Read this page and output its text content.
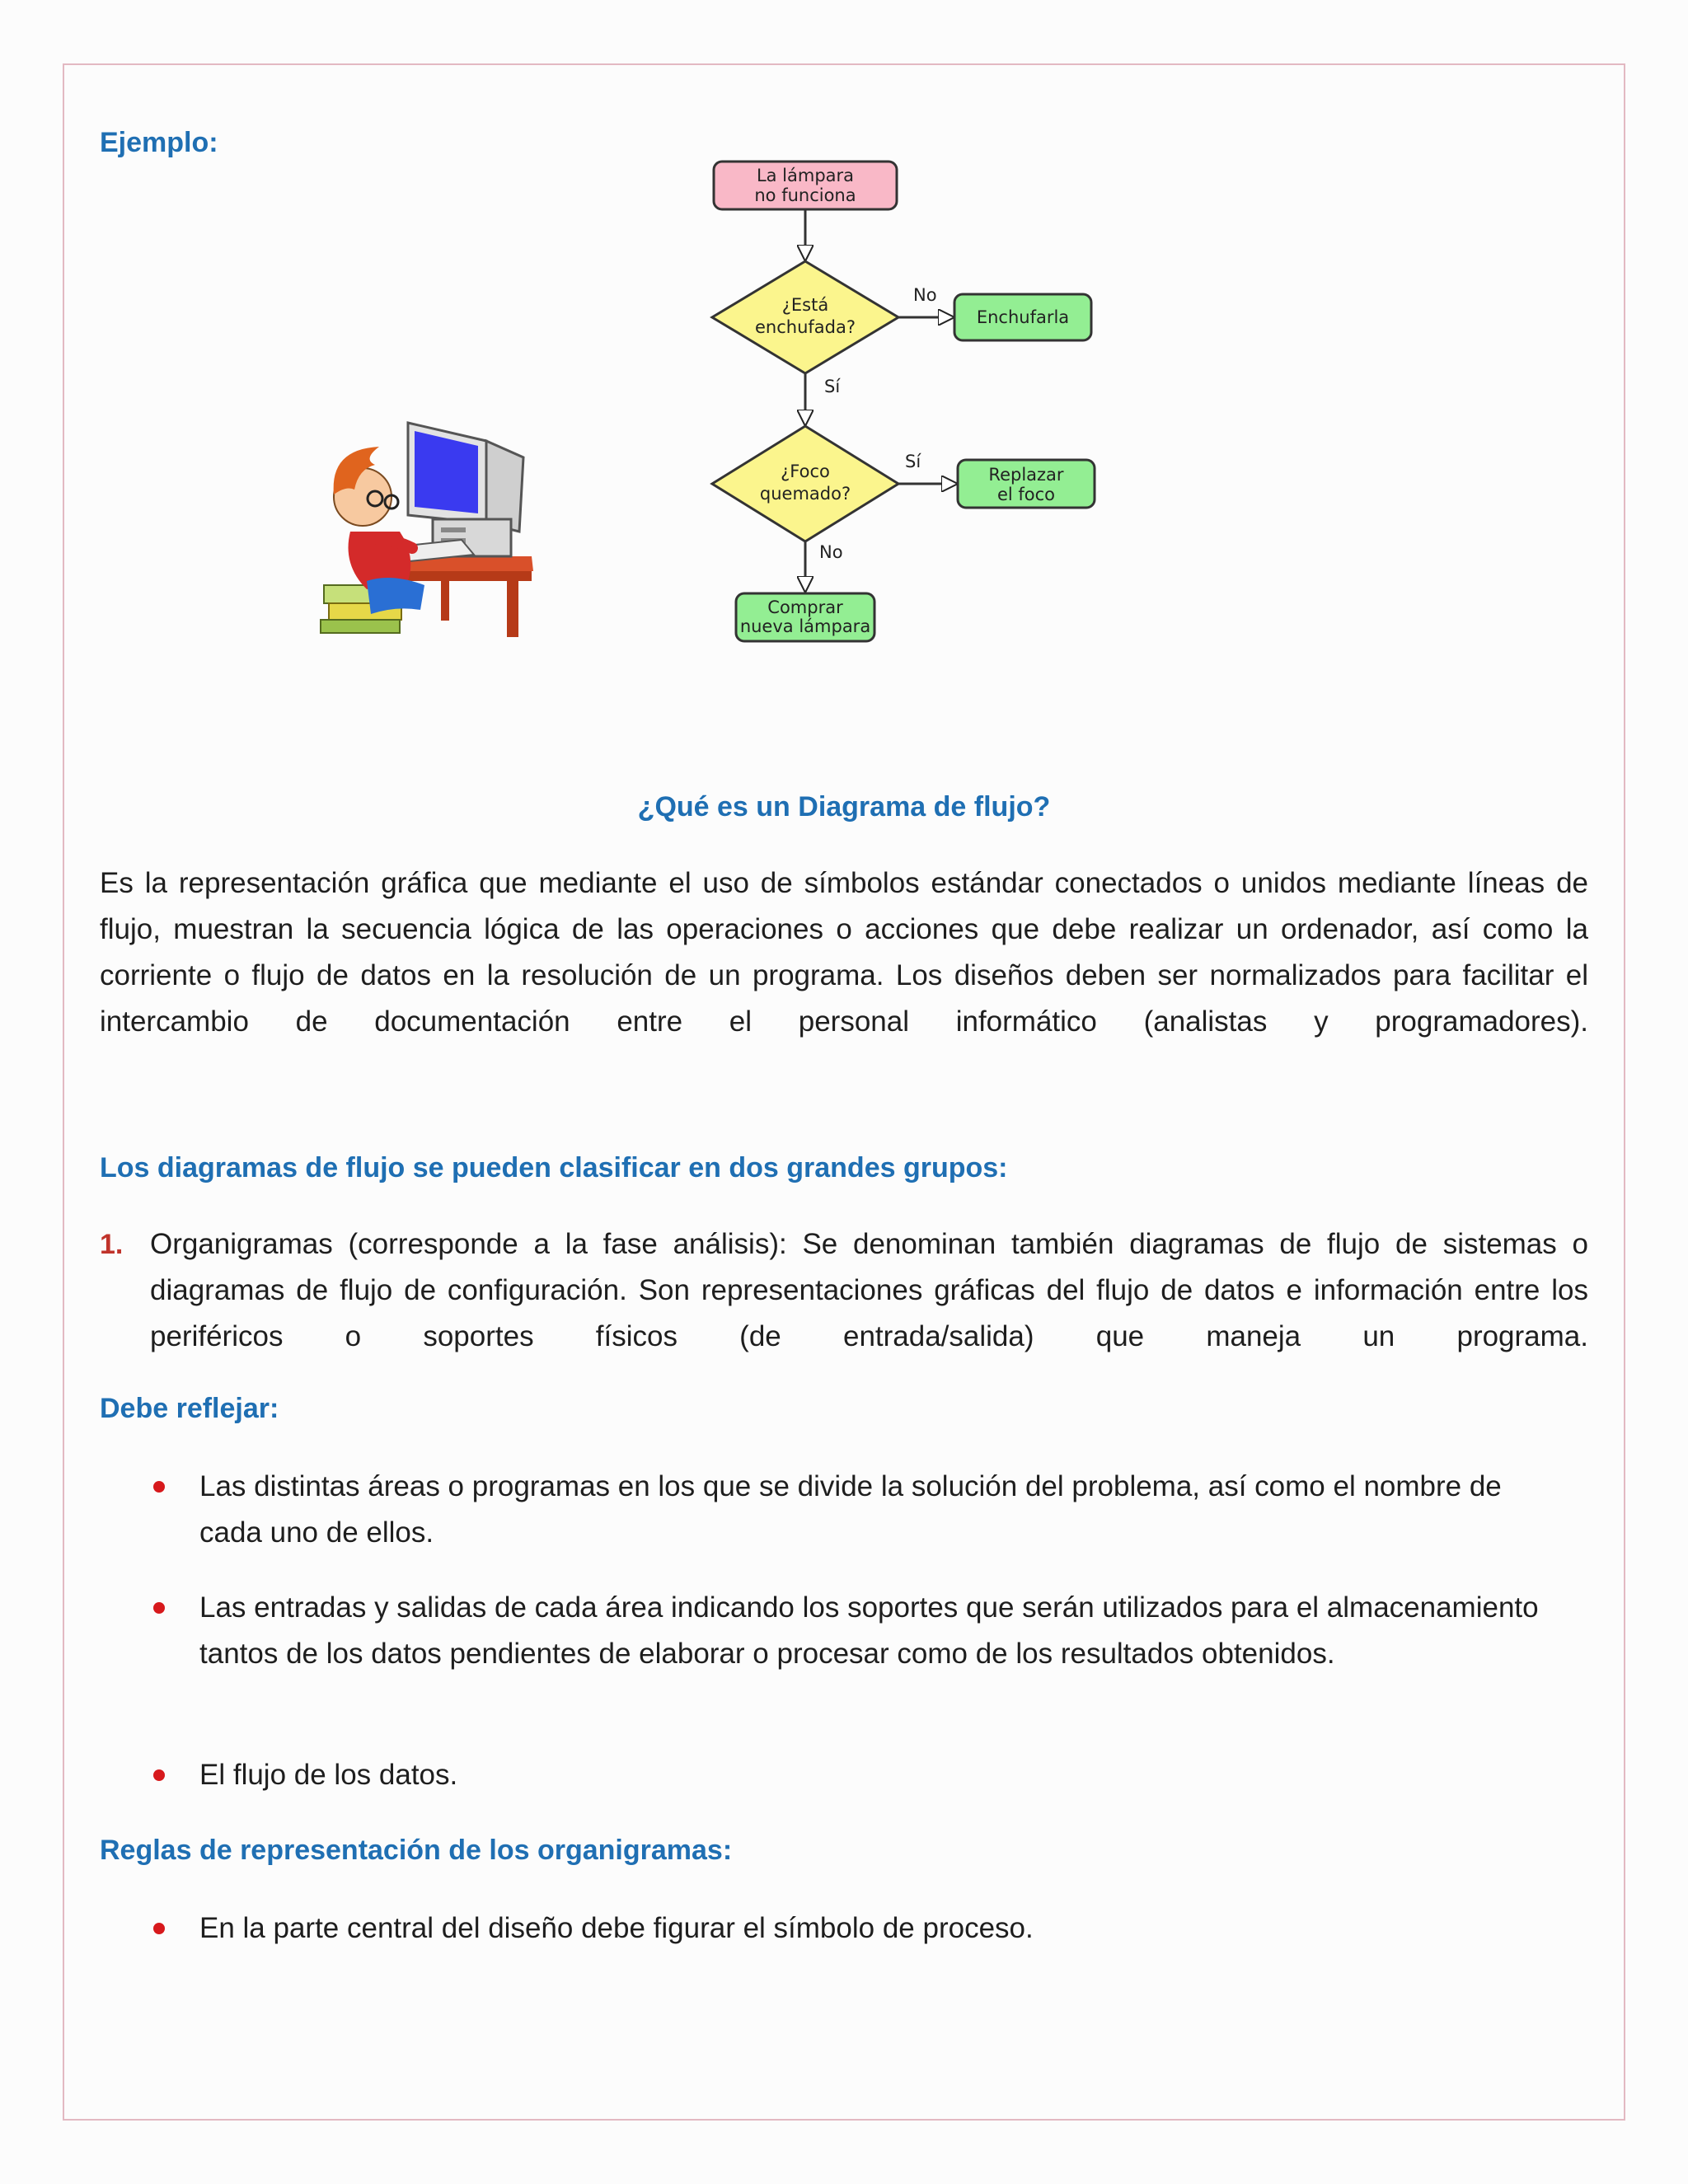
Ejemplo:
La lámpara
no funciona
¿Está
enchufada?
No
Enchufarla
Sí
¿Foco
quemado?
Sí
Replazar
el foco
No
Comprar
nueva lámpara
¿Qué es un Diagrama de flujo?

Es la representación gráfica que mediante el uso de símbolos estándar conectados o unidos mediante líneas de flujo, muestran la secuencia lógica de las operaciones o acciones que debe realizar un ordenador, así como la corriente o flujo de datos en la resolución de un programa. Los diseños deben ser normalizados para facilitar el intercambio de documentación entre el personal informático (analistas y programadores).

Los diagramas de flujo se pueden clasificar en dos grandes grupos:
1. Organigramas (corresponde a la fase análisis): Se denominan también diagramas de flujo de sistemas o diagramas de flujo de configuración. Son representaciones gráficas del flujo de datos e información entre los periféricos o soportes físicos (de entrada/salida) que maneja un programa.

Debe reflejar:

Las distintas áreas o programas en los que se divide la solución del problema, así como el nombre de cada uno de ellos.

Las entradas y salidas de cada área indicando los soportes que serán utilizados para el almacenamiento tantos de los datos pendientes de elaborar o procesar como de los resultados obtenidos.

El flujo de los datos.

Reglas de representación de los organigramas:

En la parte central del diseño debe figurar el símbolo de proceso.
